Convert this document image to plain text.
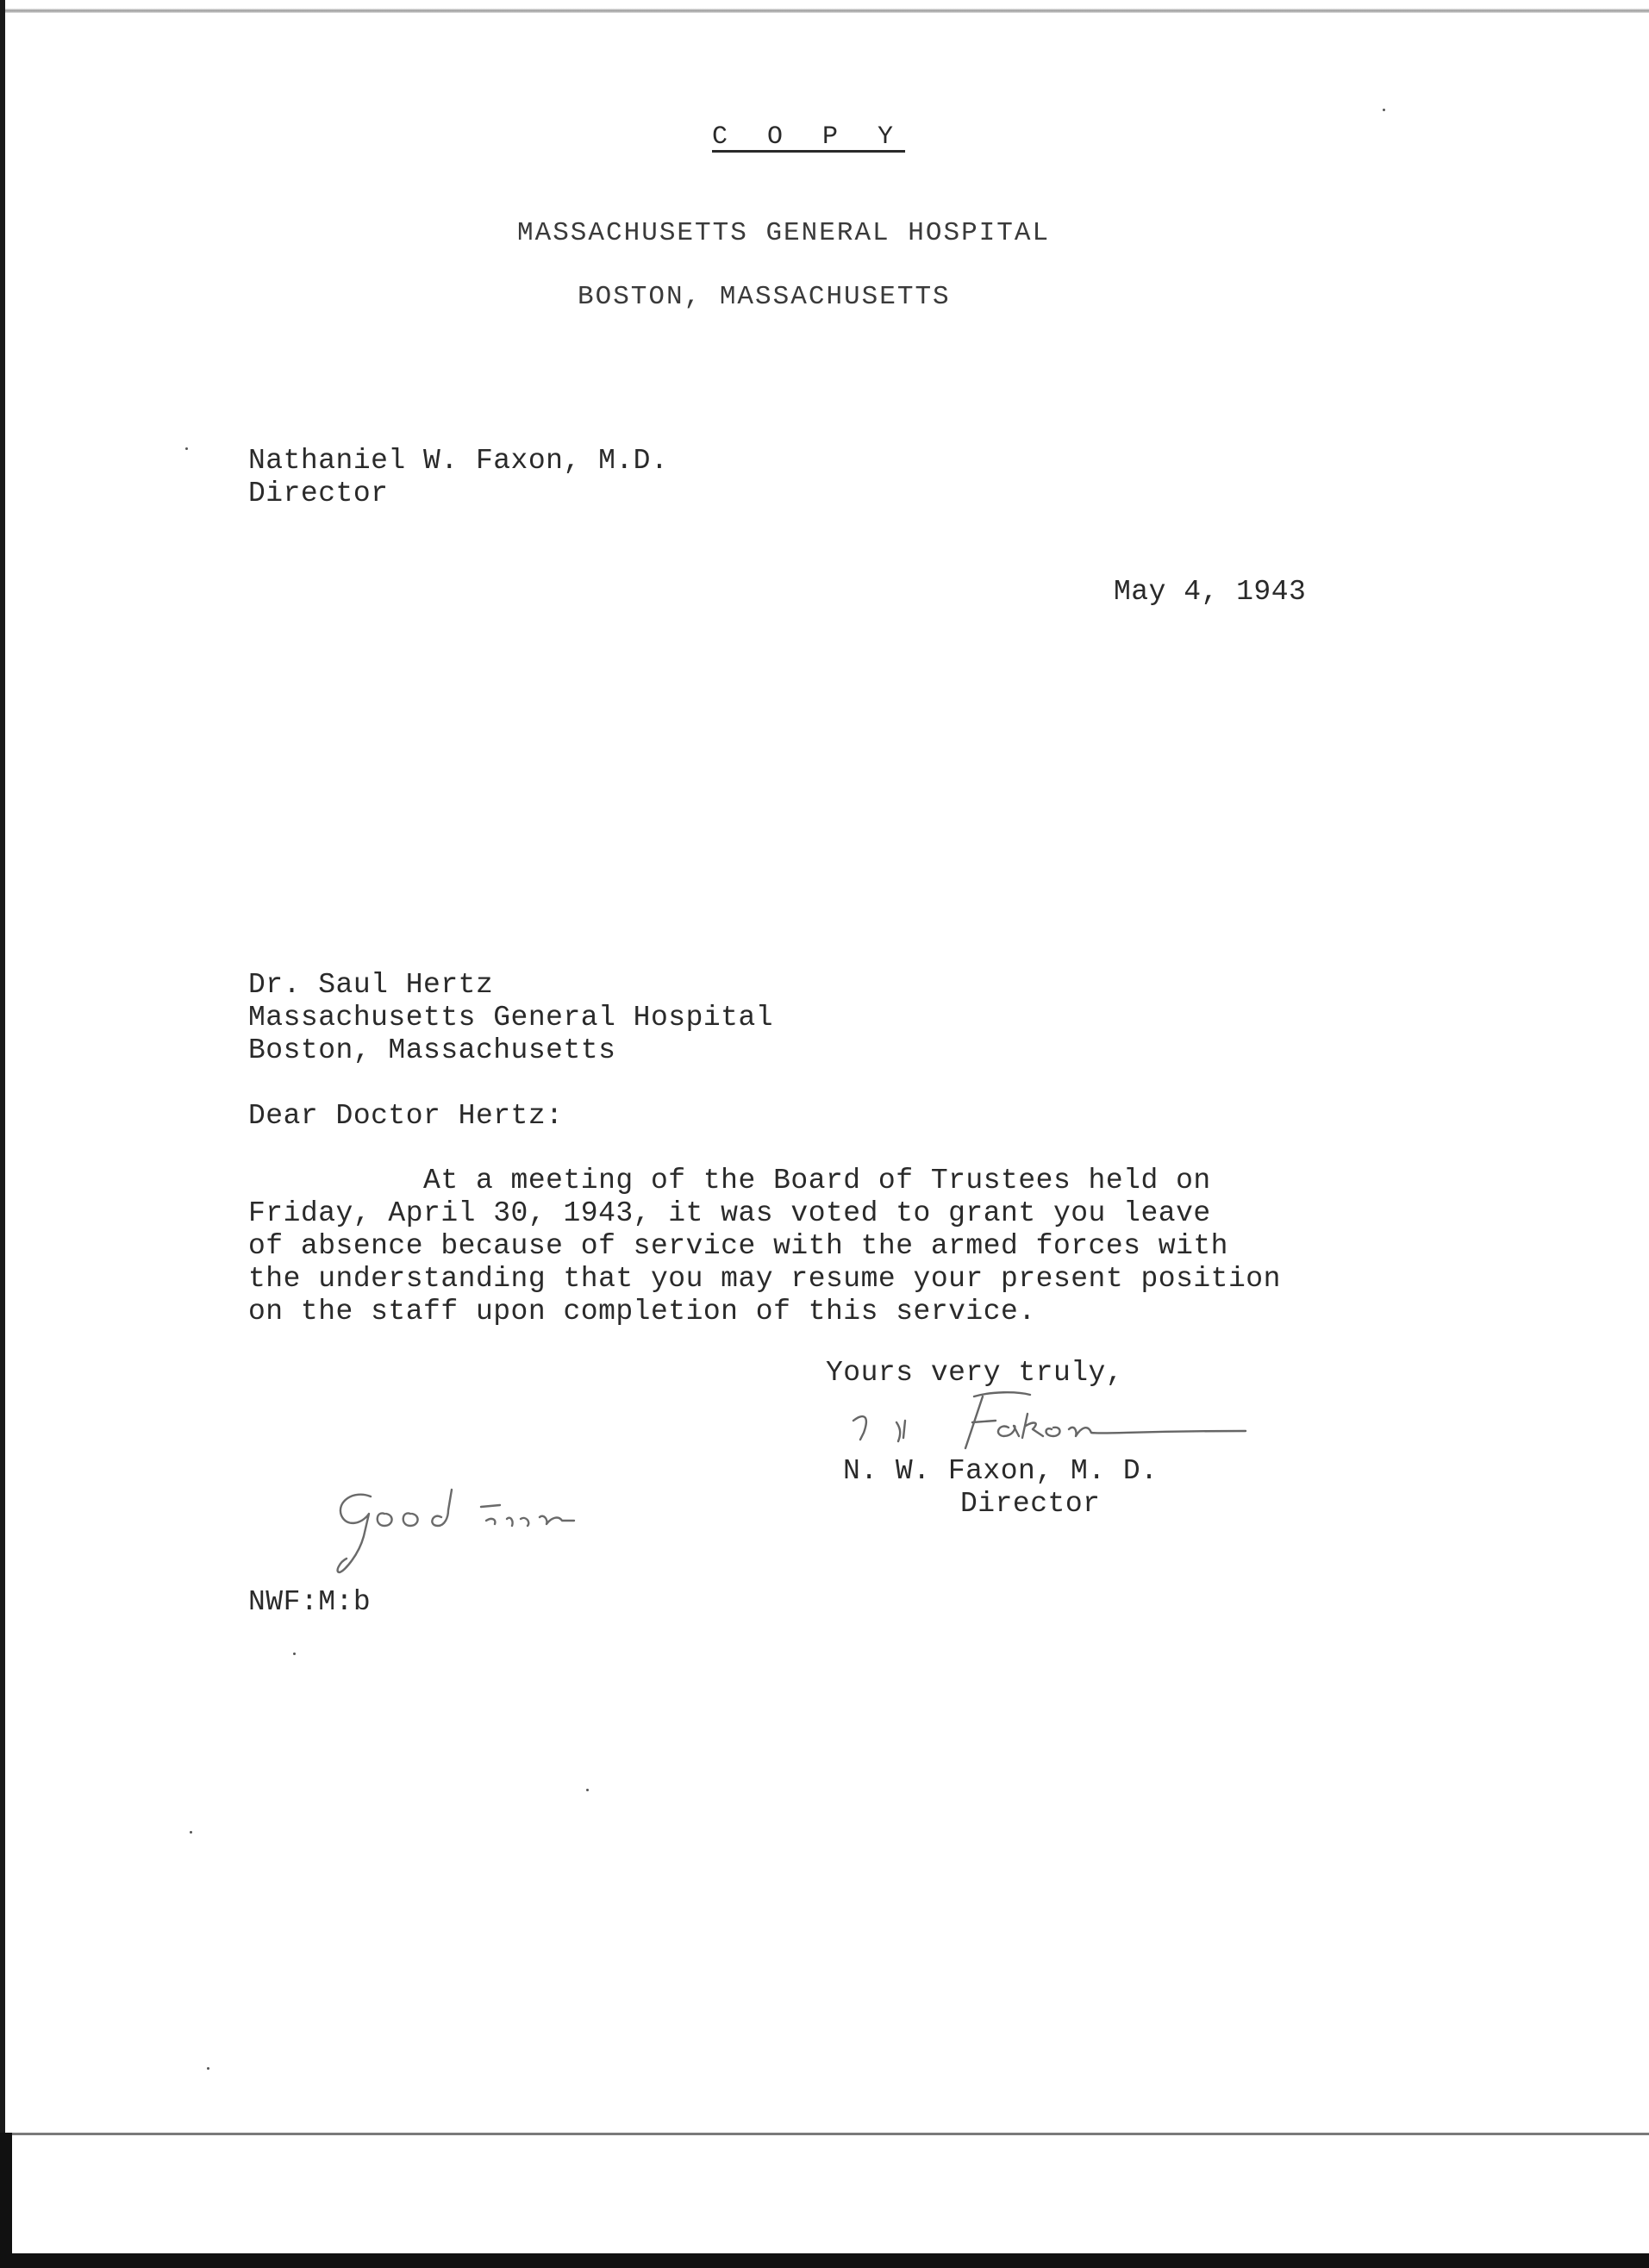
C O P Y
MASSACHUSETTS GENERAL HOSPITAL
BOSTON, MASSACHUSETTS
Nathaniel W. Faxon, M.D.
Director
May 4, 1943
Dr. Saul Hertz
Massachusetts General Hospital
Boston, Massachusetts
Dear Doctor Hertz:
At a meeting of the Board of Trustees held on
Friday, April 30, 1943, it was voted to grant you leave
of absence because of service with the armed forces with
the understanding that you may resume your present position
on the staff upon completion of this service.
Yours very truly,
N. W. Faxon, M. D.
Director
NWF:M:b
